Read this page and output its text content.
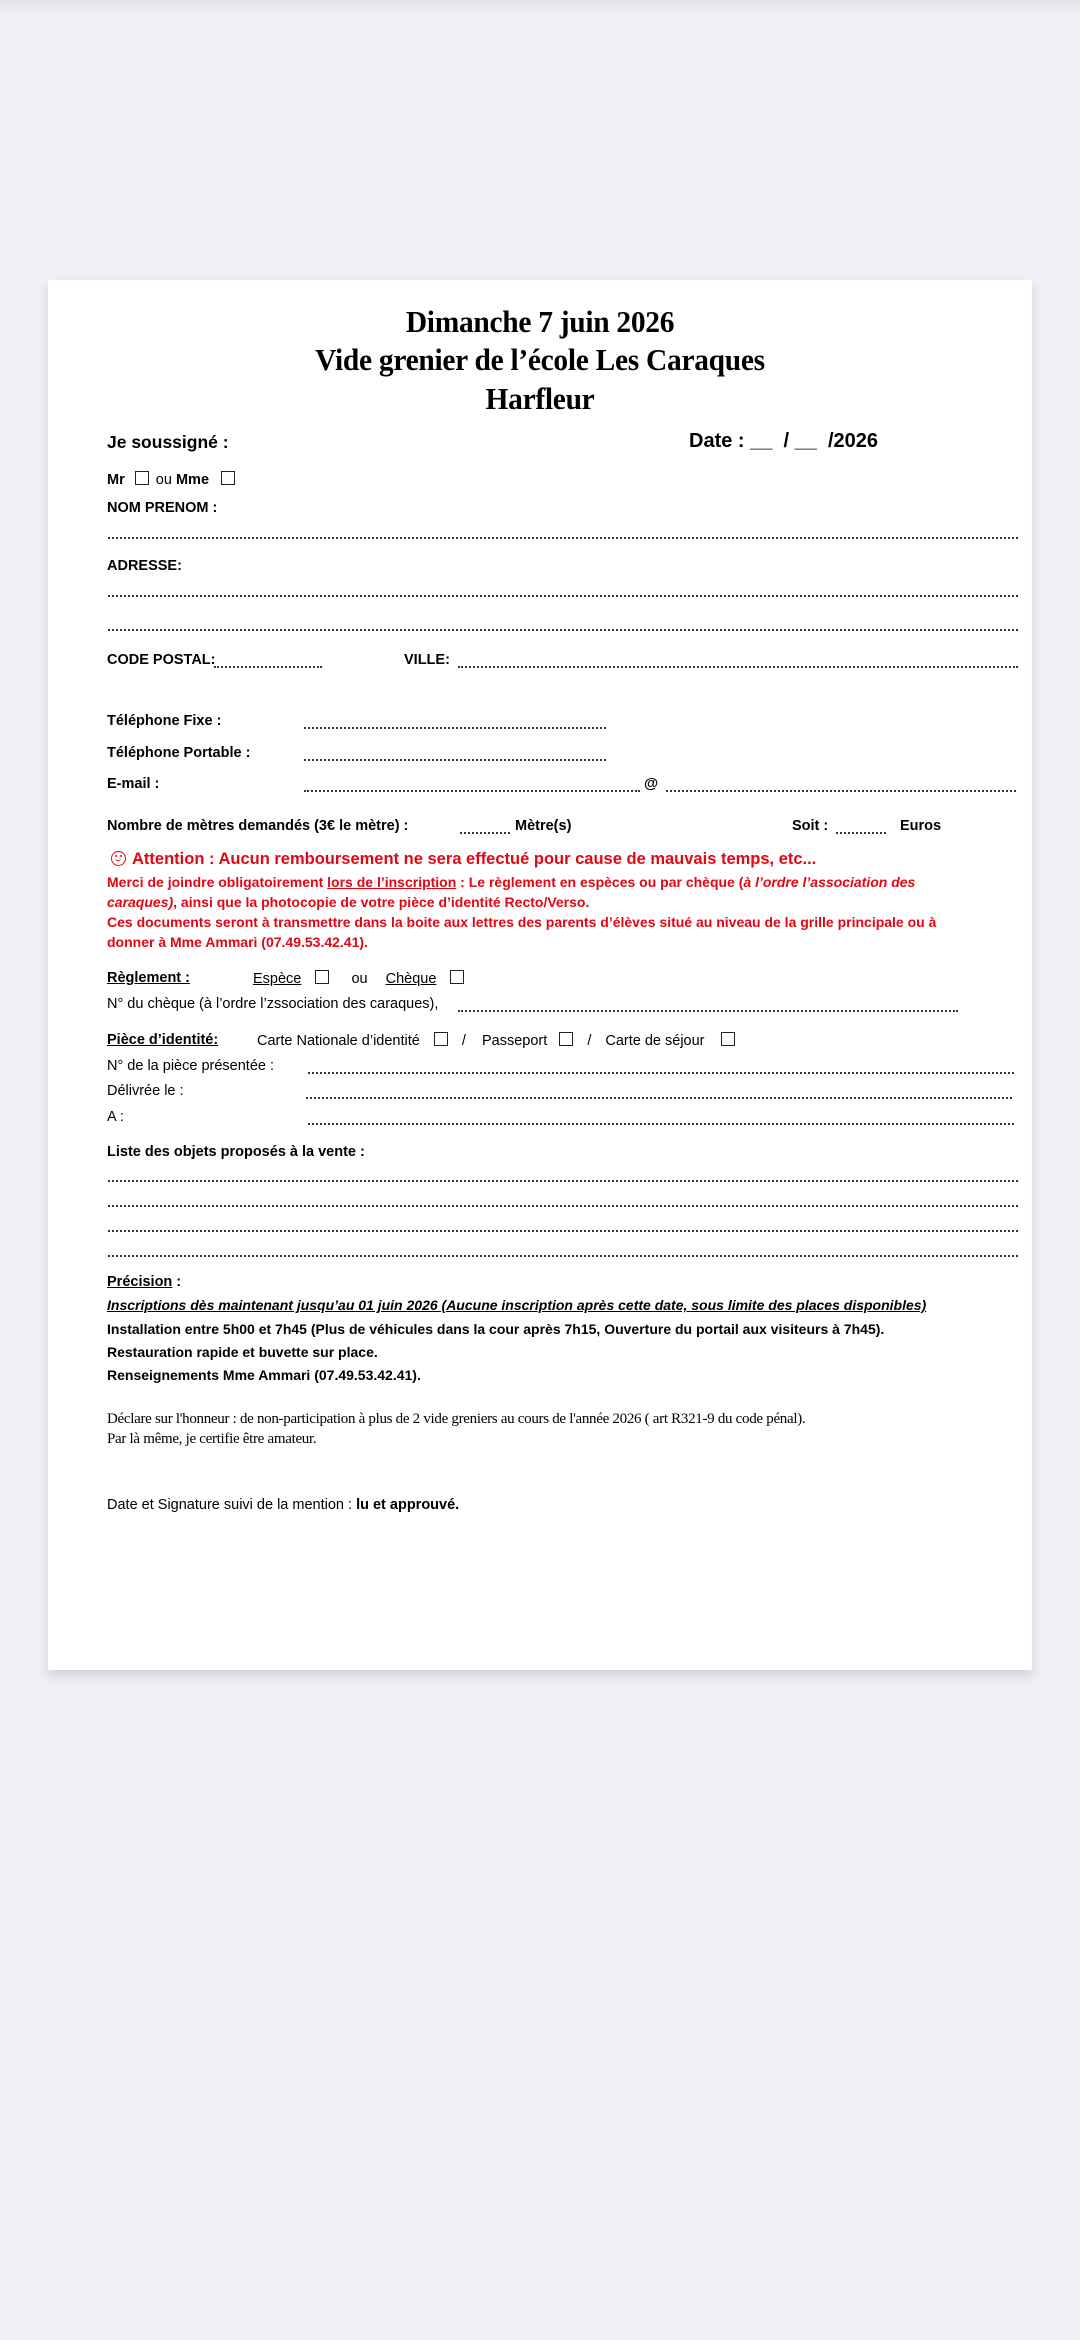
Dimanche 7 juin 2026
Vide grenier de l’école Les Caraques
Harfleur
Je soussigné :	Date : __  / __  /2026
Mr ou Mme
NOM PRENOM :
ADRESSE:
CODE POSTAL:	VILLE:
Téléphone Fixe :
Téléphone Portable :
E-mail :	@
Nombre de mètres demandés (3€ le mètre) :	Mètre(s)	Soit :	Euros
Attention : Aucun remboursement ne sera effectué pour cause de mauvais temps, etc...
Merci de joindre obligatoirement lors de l’inscription : Le règlement en espèces ou par chèque (à l’ordre l’association des
caraques), ainsi que la photocopie de votre pièce d’identité Recto/Verso.
Ces documents seront à transmettre dans la boite aux lettres des parents d’élèves situé au niveau de la grille principale ou à
donner à Mme Ammari (07.49.53.42.41).
Règlement :	Espèce	ou Chèque
N° du chèque (à l’ordre l’zssociation des caraques),
Pièce d’identité:	Carte Nationale d’identité	/ Passeport	/ Carte de séjour
N° de la pièce présentée :
Délivrée le :
A :
Liste des objets proposés à la vente :
Précision :
Inscriptions dès maintenant jusqu’au 01 juin 2026 (Aucune inscription après cette date, sous limite des places disponibles)
Installation entre 5h00 et 7h45 (Plus de véhicules dans la cour après 7h15, Ouverture du portail aux visiteurs à 7h45).
Restauration rapide et buvette sur place.
Renseignements Mme Ammari (07.49.53.42.41).
Déclare sur l'honneur : de non-participation à plus de 2 vide greniers au cours de l'année 2026 ( art R321-9 du code pénal).
Par là même, je certifie être amateur.
Date et Signature suivi de la mention : lu et approuvé.
